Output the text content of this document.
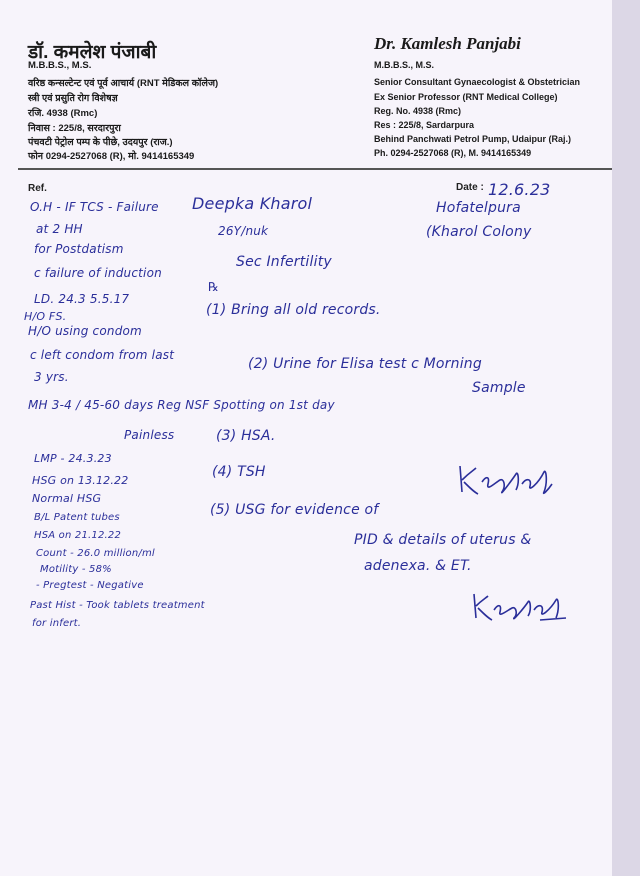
डॉ. कमलेश पंजाबी
M.B.B.S., M.S.
वरिष्ठ कन्सल्टेन्ट एवं पूर्व आचार्य (RNT मेडिकल कॉलेज)
स्त्री एवं प्रसुति रोग विशेषज्ञ
रजि. 4938 (Rmc)
निवास : 225/8, सरदारपुरा
पंचवटी पेट्रोल पम्प के पीछे, उदयपुर (राज.)
फोन 0294-2527068 (R), मो. 9414165349
Dr. Kamlesh Panjabi
M.B.B.S., M.S.
Senior Consultant Gynaecologist & Obstetrician
Ex Senior Professor (RNT Medical College)
Reg. No. 4938 (Rmc)
Res : 225/8, Sardarpura
Behind Panchwati Petrol Pump, Udaipur (Raj.)
Ph. 0294-2527068 (R), M. 9414165349
Ref.	Date : 12.6.23
Deepka Kharol
26Y/nuk
Hofatelpura
(Kharol Colony
Sec Infertility
O.H - IF TCS - Failure
at 2 HH
for Postdatism
c failure of induction
LD. 24.3 5.5.17
H/O FS.
H/O using condom
c left condom from last
3 yrs.
MH 3-4 / 45-60 days Reg NSF Spotting on 1st day
Painless
LMP - 24.3.23
HSG on 13.12.22
Normal HSG
B/L Patent tubes
HSA on 21.12.22
Count - 26.0 million/ml
Motility - 58%
- Pregtest - Negative
Past Hist - Took tablets treatment
for infert.
℞
(1) Bring all old records.
(2) Urine for Elisa test c Morning
Sample
(3) HSA.
(4) TSH
(5) USG for evidence of
PID & details of uterus &
adenexa. & ET.
